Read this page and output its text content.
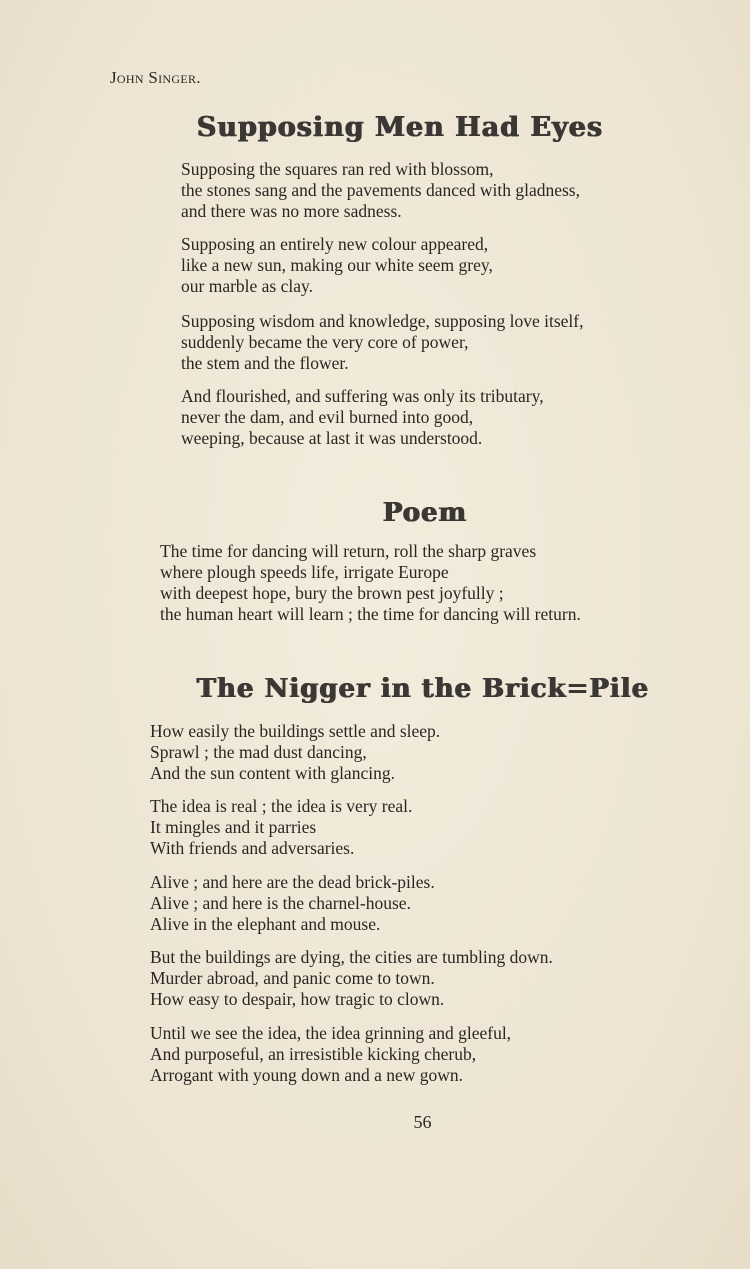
John Singer.
Supposing Men Had Eyes
Supposing the squares ran red with blossom,
the stones sang and the pavements danced with gladness,
and there was no more sadness.
Supposing an entirely new colour appeared,
like a new sun, making our white seem grey,
our marble as clay.
Supposing wisdom and knowledge, supposing love itself,
suddenly became the very core of power,
the stem and the flower.
And flourished, and suffering was only its tributary,
never the dam, and evil burned into good,
weeping, because at last it was understood.
Poem
The time for dancing will return, roll the sharp graves
where plough speeds life, irrigate Europe
with deepest hope, bury the brown pest joyfully ;
the human heart will learn ; the time for dancing will return.
The Nigger in the Brick=Pile
How easily the buildings settle and sleep.
Sprawl ; the mad dust dancing,
And the sun content with glancing.
The idea is real ; the idea is very real.
It mingles and it parries
With friends and adversaries.
Alive ; and here are the dead brick-piles.
Alive ; and here is the charnel-house.
Alive in the elephant and mouse.
But the buildings are dying, the cities are tumbling down.
Murder abroad, and panic come to town.
How easy to despair, how tragic to clown.
Until we see the idea, the idea grinning and gleeful,
And purposeful, an irresistible kicking cherub,
Arrogant with young down and a new gown.
56
